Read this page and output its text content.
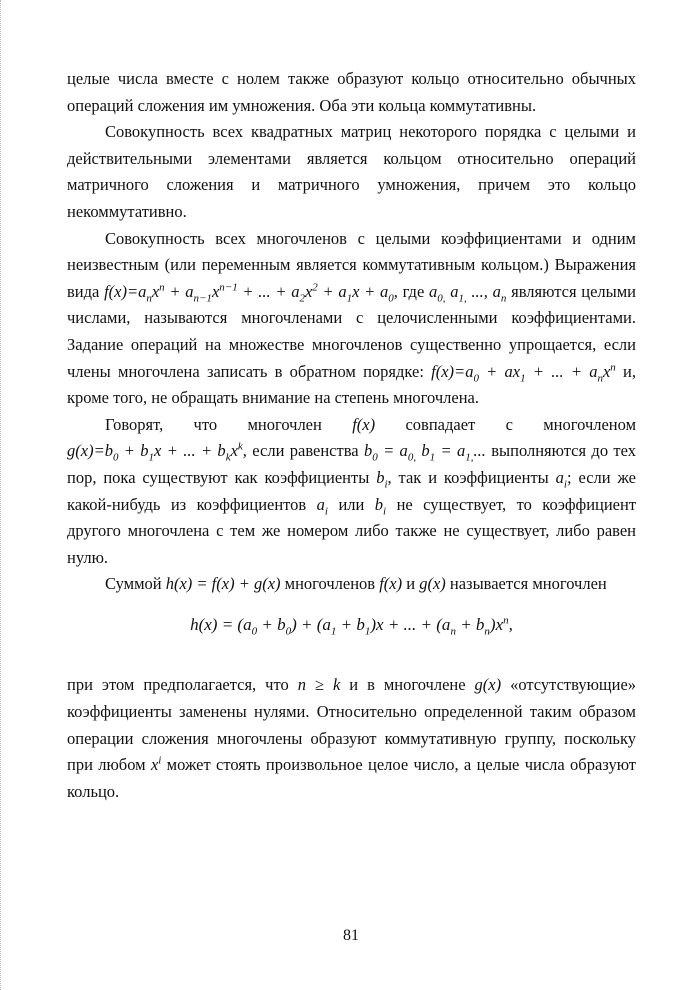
целые числа вместе с нолем также образуют кольцо относительно обычных операций сложения им умножения. Оба эти кольца коммутативны.

Совокупность всех квадратных матриц некоторого порядка с целыми и действительными элементами является кольцом относительно операций матричного сложения и матричного умножения, причем это кольцо некоммутативно.

Совокупность всех многочленов с целыми коэффициентами и одним неизвестным (или переменным является коммутативным кольцом.) Выражения вида $f(x)=a_nx^n + a_{n-1}x^{n-1}$ + ... + $a_2x^2 + a_1x + a_0$, где $a_{0,}$ $a_{1,}$ ..., $a_n$ являются целыми числами, называются многочленами с целочисленными коэффициентами. Задание операций на множестве многочленов существенно упрощается, если члены многочлена записать в обратном порядке: $f(x)=a_0 + ax_1$ + ... + $a_nx^n$ и, кроме того, не обращать внимание на степень многочлена.

Говорят, что многочлен f(x) совпадает с многочленом $g(x)=b_0 + b_1x$ + ... + $b_kx^k$, если равенства $b_0 = a_{0,}$ $b_1 = a_{1,}$... выполняются до тех пор, пока существуют как коэффициенты $b_i$, так и коэффициенты $a_i$; если же какой-нибудь из коэффициентов $a_i$ или $b_i$ не существует, то коэффициент другого многочлена с тем же номером либо также не существует, либо равен нулю.

Суммой h(x) = f(x) + g(x) многочленов f(x) и g(x) называется многочлен

$h(x) = (a_0 + b_0) + (a_1 + b_1)x$ + ... + $(a_n + b_n)x^n$,

при этом предполагается, что n ≥ k и в многочлене g(x) «отсутствующие» коэффициенты заменены нулями. Относительно определенной таким образом операции сложения многочлены образуют коммутативную группу, поскольку при любом $x^i$ может стоять произвольное целое число, а целые числа образуют кольцо.

81
